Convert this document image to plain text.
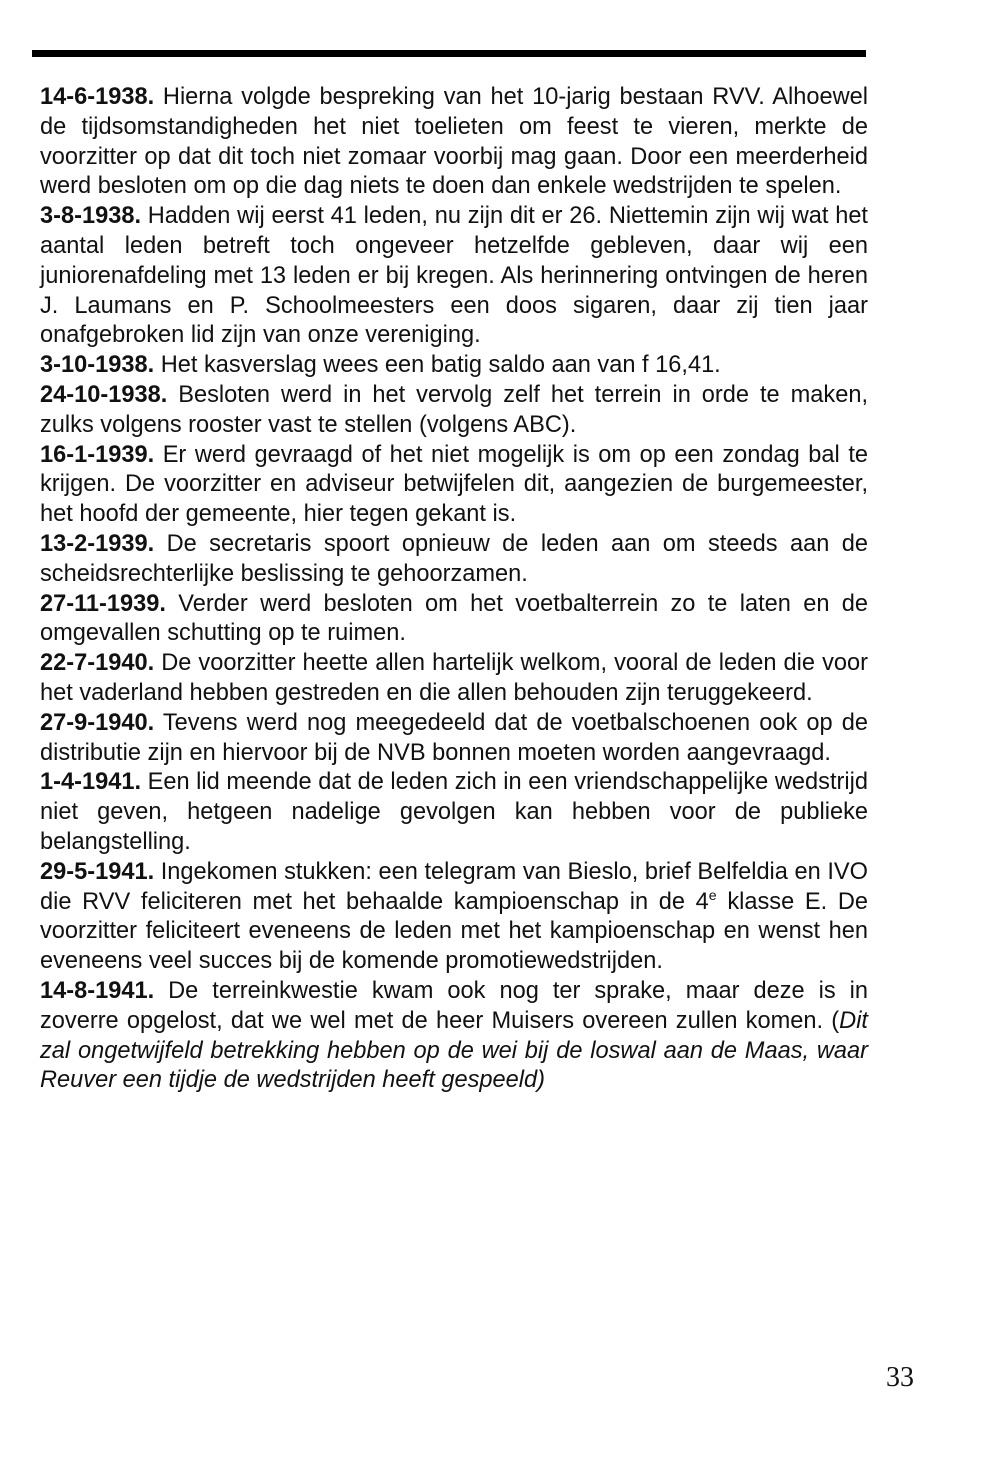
14-6-1938. Hierna volgde bespreking van het 10-jarig bestaan RVV. Alhoewel de tijdsomstandigheden het niet toelieten om feest te vieren, merkte de voorzitter op dat dit toch niet zomaar voorbij mag gaan. Door een meerderheid werd besloten om op die dag niets te doen dan enkele wedstrijden te spelen.

3-8-1938. Hadden wij eerst 41 leden, nu zijn dit er 26. Niettemin zijn wij wat het aantal leden betreft toch ongeveer hetzelfde gebleven, daar wij een juniorenafdeling met 13 leden er bij kregen. Als herinnering ontvingen de heren J. Laumans en P. Schoolmeesters een doos sigaren, daar zij tien jaar onafgebroken lid zijn van onze vereniging.

3-10-1938. Het kasverslag wees een batig saldo aan van f 16,41.

24-10-1938. Besloten werd in het vervolg zelf het terrein in orde te maken, zulks volgens rooster vast te stellen (volgens ABC).

16-1-1939. Er werd gevraagd of het niet mogelijk is om op een zondag bal te krijgen. De voorzitter en adviseur betwijfelen dit, aangezien de burgemeester, het hoofd der gemeente, hier tegen gekant is.

13-2-1939. De secretaris spoort opnieuw de leden aan om steeds aan de scheidsrechterlijke beslissing te gehoorzamen.

27-11-1939. Verder werd besloten om het voetbalterrein zo te laten en de omgevallen schutting op te ruimen.

22-7-1940. De voorzitter heette allen hartelijk welkom, vooral de leden die voor het vaderland hebben gestreden en die allen behouden zijn teruggekeerd.

27-9-1940. Tevens werd nog meegedeeld dat de voetbalschoenen ook op de distributie zijn en hiervoor bij de NVB bonnen moeten worden aangevraagd.

1-4-1941. Een lid meende dat de leden zich in een vriendschappelijke wedstrijd niet geven, hetgeen nadelige gevolgen kan hebben voor de publieke belangstelling.

29-5-1941. Ingekomen stukken: een telegram van Bieslo, brief Belfeldia en IVO die RVV feliciteren met het behaalde kampioenschap in de 4e klasse E. De voorzitter feliciteert eveneens de leden met het kampioenschap en wenst hen eveneens veel succes bij de komende promotiewedstrijden.

14-8-1941. De terreinkwestie kwam ook nog ter sprake, maar deze is in zoverre opgelost, dat we wel met de heer Muisers overeen zullen komen. (Dit zal ongetwijfeld betrekking hebben op de wei bij de loswal aan de Maas, waar Reuver een tijdje de wedstrijden heeft gespeeld)

33
